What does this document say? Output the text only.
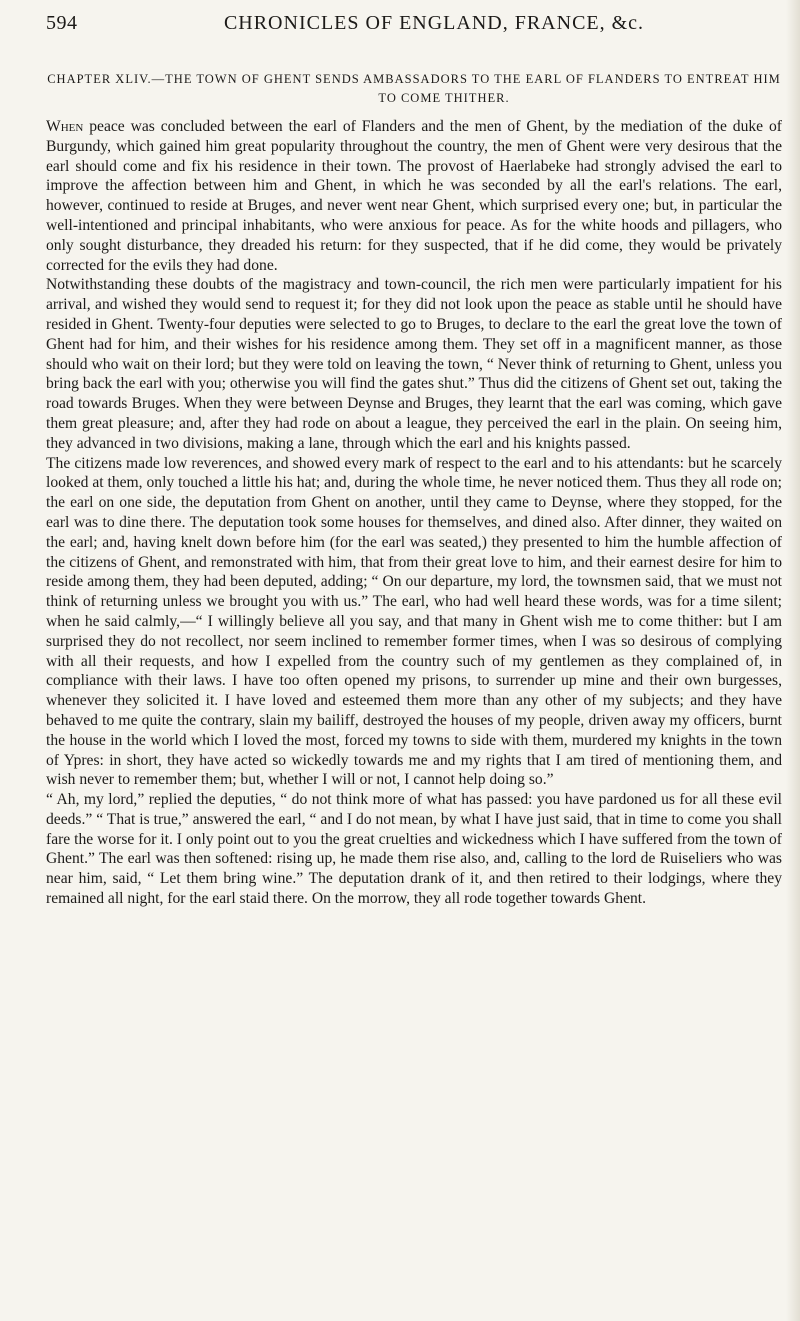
594	CHRONICLES OF ENGLAND, FRANCE, &c.
CHAPTER XLIV.—THE TOWN OF GHENT SENDS AMBASSADORS TO THE EARL OF FLANDERS TO ENTREAT HIM TO COME THITHER.

When peace was concluded between the earl of Flanders and the men of Ghent, by the mediation of the duke of Burgundy, which gained him great popularity throughout the country, the men of Ghent were very desirous that the earl should come and fix his residence in their town. The provost of Haerlabeke had strongly advised the earl to improve the affection between him and Ghent, in which he was seconded by all the earl's relations. The earl, however, continued to reside at Bruges, and never went near Ghent, which surprised every one; but, in particular the well-intentioned and principal inhabitants, who were anxious for peace. As for the white hoods and pillagers, who only sought disturbance, they dreaded his return: for they suspected, that if he did come, they would be privately corrected for the evils they had done.

Notwithstanding these doubts of the magistracy and town-council, the rich men were particularly impatient for his arrival, and wished they would send to request it; for they did not look upon the peace as stable until he should have resided in Ghent. Twenty-four deputies were selected to go to Bruges, to declare to the earl the great love the town of Ghent had for him, and their wishes for his residence among them. They set off in a magnificent manner, as those should who wait on their lord; but they were told on leaving the town, “ Never think of returning to Ghent, unless you bring back the earl with you; otherwise you will find the gates shut.” Thus did the citizens of Ghent set out, taking the road towards Bruges. When they were between Deynse and Bruges, they learnt that the earl was coming, which gave them great pleasure; and, after they had rode on about a league, they perceived the earl in the plain. On seeing him, they advanced in two divisions, making a lane, through which the earl and his knights passed.

The citizens made low reverences, and showed every mark of respect to the earl and to his attendants: but he scarcely looked at them, only touched a little his hat; and, during the whole time, he never noticed them. Thus they all rode on; the earl on one side, the deputation from Ghent on another, until they came to Deynse, where they stopped, for the earl was to dine there. The deputation took some houses for themselves, and dined also. After dinner, they waited on the earl; and, having knelt down before him (for the earl was seated,) they presented to him the humble affection of the citizens of Ghent, and remonstrated with him, that from their great love to him, and their earnest desire for him to reside among them, they had been deputed, adding; “ On our departure, my lord, the townsmen said, that we must not think of returning unless we brought you with us.” The earl, who had well heard these words, was for a time silent; when he said calmly,—“ I willingly believe all you say, and that many in Ghent wish me to come thither: but I am surprised they do not recollect, nor seem inclined to remember former times, when I was so desirous of complying with all their requests, and how I expelled from the country such of my gentlemen as they complained of, in compliance with their laws. I have too often opened my prisons, to surrender up mine and their own burgesses, whenever they solicited it. I have loved and esteemed them more than any other of my subjects; and they have behaved to me quite the contrary, slain my bailiff, destroyed the houses of my people, driven away my officers, burnt the house in the world which I loved the most, forced my towns to side with them, murdered my knights in the town of Ypres: in short, they have acted so wickedly towards me and my rights that I am tired of mentioning them, and wish never to remember them; but, whether I will or not, I cannot help doing so.”

“ Ah, my lord,” replied the deputies, “ do not think more of what has passed: you have pardoned us for all these evil deeds.” “ That is true,” answered the earl, “ and I do not mean, by what I have just said, that in time to come you shall fare the worse for it. I only point out to you the great cruelties and wickedness which I have suffered from the town of Ghent.” The earl was then softened: rising up, he made them rise also, and, calling to the lord de Ruiseliers who was near him, said, “ Let them bring wine.” The deputation drank of it, and then retired to their lodgings, where they remained all night, for the earl staid there. On the morrow, they all rode together towards Ghent.
